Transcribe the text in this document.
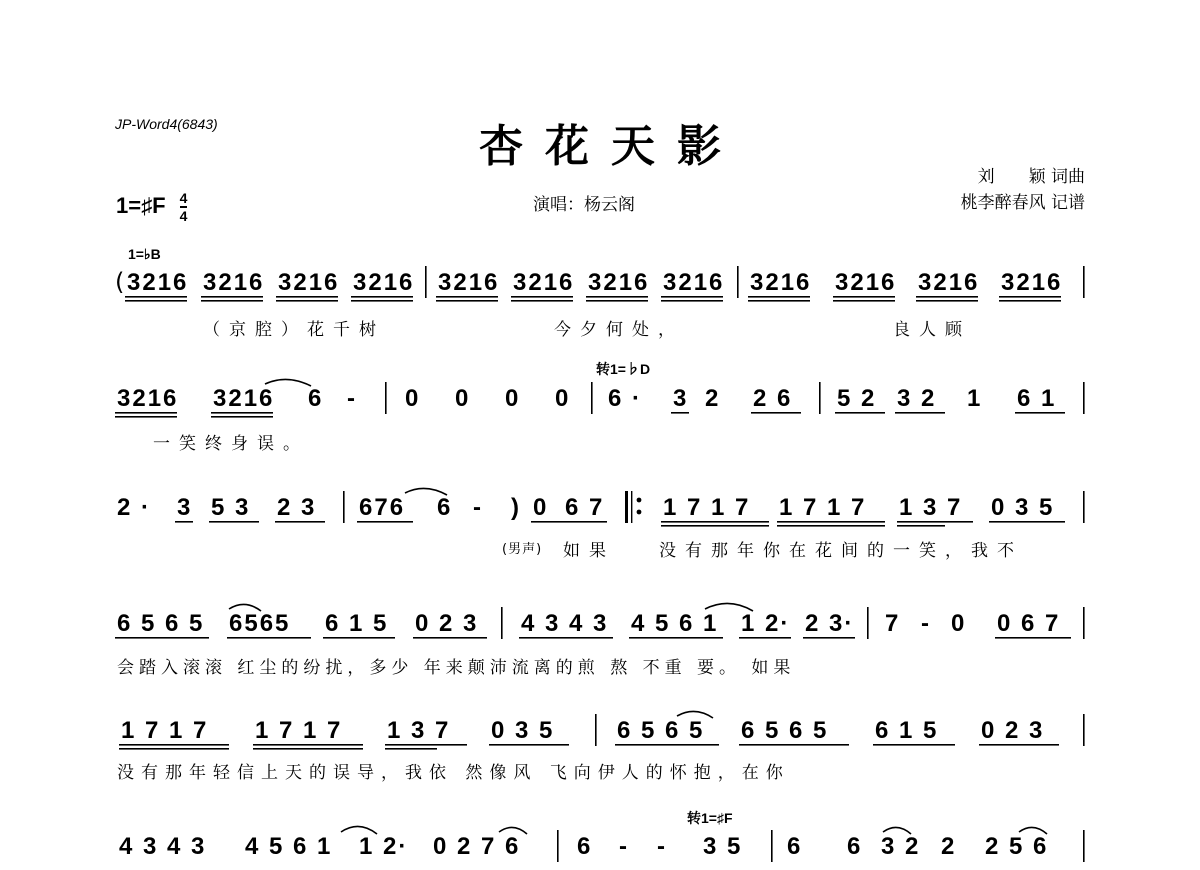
JP-Word4(6843)	杏花天影
刘　　颖 词曲
桃李醉春风 记谱
演唱：杨云阁
1=♯F $\frac{4}{4}$
1=♭B
( 3216 3216 3216 3216 3216 3216 3216 3216 3216 3216 3216 3216
（京腔）花千树	今夕何处，	良人顾
转1=♭D
3216 3216 6 - 0 0 0 0 6 · 3 2 2 6 5 2 3 2 1 6 1
一笑终身误。
2 · 3 5 3 2 3 676 6 - ) 0 6 7 1 7 1 7 1 7 1 7 1 3 7 0 3 5
(男声) 如果	没有那年你在花间的一笑，我不
6 5 6 5 6565 6 1 5 0 2 3 4 3 4 3 4 5 6 1 1 2· 2 3· 7 - 0 0 6 7
会踏入滚滚 红尘的纷扰，多少 年来颠沛流离的煎 熬 不重 要。 如果
1 7 1 7 1 7 1 7 1 3 7 0 3 5	6 5 6 5 6 5 6 5 6 1 5 0 2 3
没有那年轻信上天的误导，我依 然像风 飞向伊人的怀抱，在你
转1=♯F
4 3 4 3 4 5 6 1 1 2· 0 2 7 6 6 - - 3 5 6 6 3 2 2 2 5 6
